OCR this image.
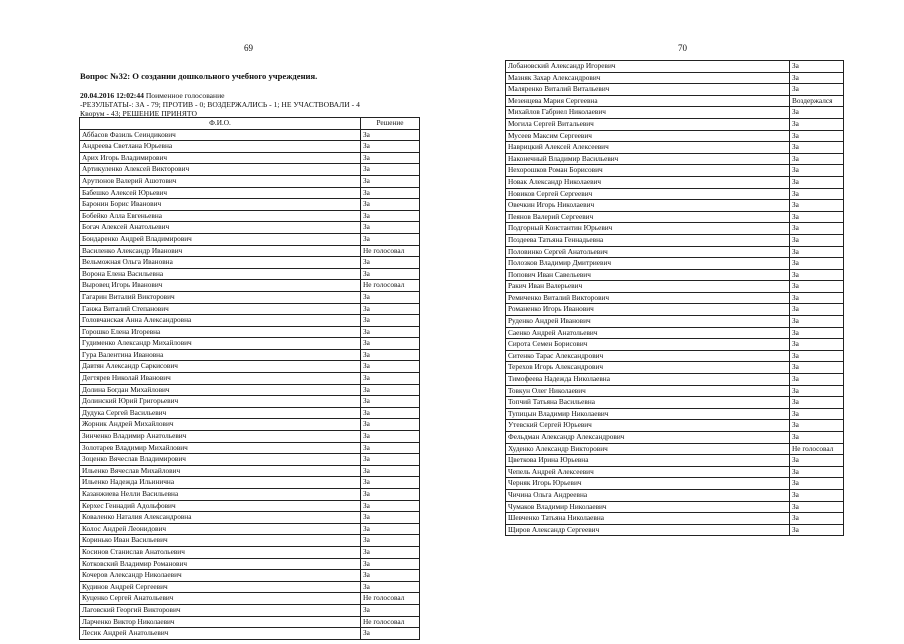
69
Вопрос №32: О создании дошкольного учебного учреждения.
20.04.2016 12:02:44 Поименное голосование
-РЕЗУЛЬТАТЫ-: ЗА - 79; ПРОТИВ - 0; ВОЗДЕРЖАЛИСЬ - 1; НЕ УЧАСТВОВАЛИ - 4
Кворум - 43; РЕШЕНИЕ ПРИНЯТО
Ф.И.О.	Решение
Аббасов Фазиль Сеиндикович	За
Андреева Светлана Юрьевна	За
Арих Игорь Владимирович	За
Артикуленко Алексей Викторович	За
Арутюнов Валерий Ашотович	За
Бабешко Алексей Юрьевич	За
Баронин Борис Иванович	За
Бобейко Алла Евгеньевна	За
Богач Алексей Анатольевич	За
Бондаренко Андрей Владимирович	За
Василенко Александр Иванович	Не голосовал
Вельможная Ольга Ивановна	За
Ворона Елена Васильевна	За
Выровец Игорь Иванович	Не голосовал
Гагарин Виталий Викторович	За
Ганжа Виталий Степанович	За
Головчанская Анна Александровна	За
Горошко Елена Игоревна	За
Гудименко Александр Михайлович	За
Гура Валентина Ивановна	За
Давтян Александр Саркисович	За
Дегтярев Николай Иванович	За
Долина Богдан Михайлович	За
Долинский Юрий Григорьевич	За
Дудука Сергей Васильевич	За
Жорник Андрей Михайлович	За
Зинченко Владимир Анатольевич	За
Золотарев Владимир Михайлович	За
Зоценко Вячеслав Владимирович	За
Ильенко Вячеслав Михайлович	За
Ильенко Надежда Ильинична	За
Казанжиева Нелли Васильевна	За
Керхес Геннадий Адольфович	За
Коваленко Наталия Александровна	За
Колос Андрей Леонидович	За
Коринько Иван Васильевич	За
Косинов Станислав Анатольевич	За
Котковский Владимир Романович	За
Кочеров Александр Николаевич	За
Кудинов Андрей Сергеевич	За
Куценко Сергей Анатольевич	Не голосовал
Лаговский Георгий Викторович	За
Ларченко Виктор Николаевич	Не голосовал
Лесик Андрей Анатольевич	За
70
Лобановский Александр Игоревич	За
Мазняк Захар Александрович	За
Маляренко Виталий Витальевич	За
Мезенцева Мария Сергеевна	Воздержался
Михайлов Габриел Николаевич	За
Могила Сергей Витальевич	За
Мусеев Максим Сергеевич	За
Наврицкий Алексей Алексеевич	За
Наконечный Владимир Васильевич	За
Нехорошков Роман Борисович	За
Новак Александр Николаевич	За
Новиков Сергей Сергеевич	За
Овечкин Игорь Николаевич	За
Пеянов Валерий Сергеевич	За
Подгорный Константин Юрьевич	За
Поздеева Татьяна Геннадьевна	За
Половинко Сергей Анатольевич	За
Полозков Владимир Дмитриевич	За
Попович Иван Савельевич	За
Ракич Иван Валерьевич	За
Ремиченко Виталий Викторович	За
Романенко Игорь Иванович	За
Руденко Андрей Иванович	За
Саенко Андрей Анатольевич	За
Сирота Семен Борисович	За
Ситенко Тарас Александрович	За
Терехов Игорь Александрович	За
Тимофеева Надежда Николаевна	За
Товкун Олег Николаевич	За
Топчий Татьяна Васильевна	За
Тупицын Владимир Николаевич	За
Утевский Сергей Юрьевич	За
Фельдман Александр Александрович	За
Худенко Александр Викторович	Не голосовал
Цветкова Ирина Юрьевна	За
Чепель Андрей Алексеевич	За
Черняк Игорь Юрьевич	За
Чичина Ольга Андреевна	За
Чумаков Владимир Николаевич	За
Шевченко Татьяна Николаевна	За
Щиров Александр Сергеевич	За
